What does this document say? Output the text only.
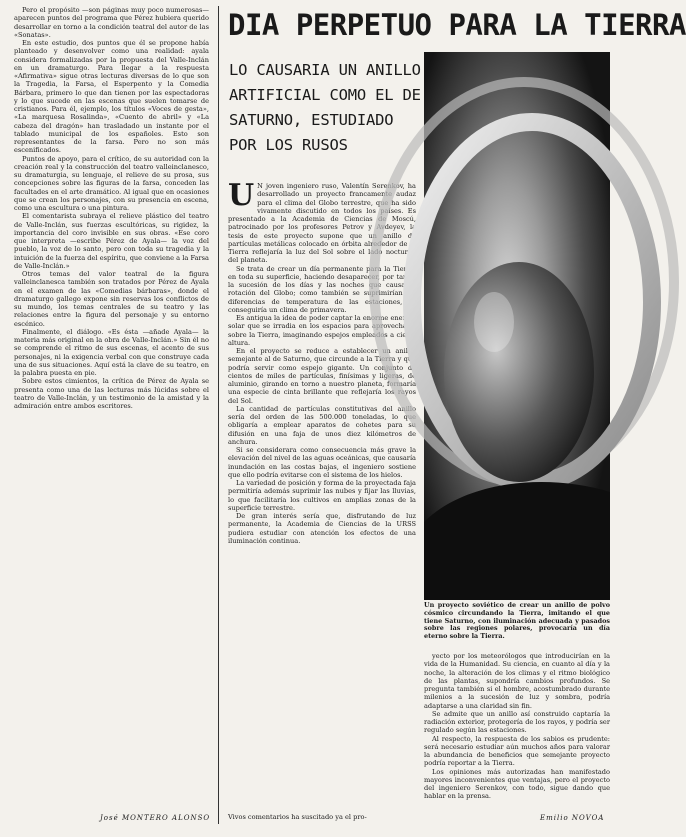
Pero el propósito —son páginas muy poco numerosas— aparecen puntos del programa que Pérez hubiera querido desarrollar en torno a la condición teatral del autor de las «Sonatas».

En este estudio, dos puntos que él se propone había planteado y desenvolver como una realidad: ayala considera formalizadas por la propuesta del Valle-Inclán en un dramaturgo. Para llegar a la respuesta «Afirmativa» sigue otras lecturas diversas de lo que son la Tragedia, la Farsa, el Esperpento y la Comedia Bárbara, primero lo que dan tienen por las espectadoras y lo que sucede en las escenas que suelen tomarse de cristianos. Para él, ejemplo, los títulos «Voces de gesta», «La marquesa Rosalinda», «Cuento de abril» y «La cabeza del dragón» han trasladado un instante por el tablado municipal de los españoles. Esto son representantes de la farsa. Pero no son más escenificados.

Puntos de apoyo, para el crítico, de su autoridad con la creación real y la construcción del teatro valleinclanesco, su dramaturgia, su lenguaje, el relieve de su prosa, sus concepciones sobre las figuras de la farsa, conceden las facultades en el arte dramático. Al igual que en ocasiones que se crean los personajes, con su presencia en escena, como una escultura o una pintura.

El comentarista subraya el relieve plástico del teatro de Valle-Inclán, sus fuerzas escultóricas, su rigidez, la importancia del coro invisible en sus obras. «Ese coro que interpreta —escribe Pérez de Ayala— la voz del pueblo, la voz de lo santo, pero con toda su tragedia y la intuición de la fuerza del espíritu, que conviene a la Farsa de Valle-Inclán.»

Otros temas del valor teatral de la figura valleinclanesca también son tratados por Pérez de Ayala en el examen de las «Comedias bárbaras», donde el dramaturgo gallego expone sin reservas los conflictos de su mundo, los temas centrales de su teatro y las relaciones entre la figura del personaje y su entorno escénico.

Finalmente, el diálogo. «Es ésta —añade Ayala— la materia más original en la obra de Valle-Inclán.» Sin él no se comprende el ritmo de sus escenas, el acento de sus personajes, ni la exigencia verbal con que construye cada una de sus situaciones. Aquí está la clave de su teatro, en la palabra puesta en pie.

Sobre estos cimientos, la crítica de Pérez de Ayala se presenta como una de las lecturas más lúcidas sobre el teatro de Valle-Inclán, y un testimonio de la amistad y la admiración entre ambos escritores.

José MONTERO ALONSO
DIA PERPETUO PARA LA TIERRA
LO CAUSARIA UN ANILLO
ARTIFICIAL COMO EL DE
SATURNO, ESTUDIADO
POR LOS RUSOS

U N joven ingeniero ruso, Valentín Serenkov, ha desarrollado un proyecto francamente audaz para el clima del Globo terrestre, que ha sido vivamente discutido en todos los países. Es presentado a la Academia de Ciencias de Moscú, patrocinado por los profesores Petrov y Avdeyev, la tesis de este proyecto supone que un anillo de partículas metálicas colocado en órbita alrededor de la Tierra reflejaría la luz del Sol sobre el lado nocturno del planeta.

Se trata de crear un día permanente para la Tierra, en toda su superficie, haciendo desaparecer, por tanto, la sucesión de los días y las noches que causa la rotación del Globo; como también se suprimirían las diferencias de temperatura de las estaciones, se conseguiría un clima de primavera.

Es antigua la idea de poder captar la enorme energía solar que se irradia en los espacios para aprovecharla sobre la Tierra, imaginando espejos empleados a cierta altura.

En el proyecto se reduce a establecer un anillo, semejante al de Saturno, que circunde a la Tierra y que podría servir como espejo gigante. Un conjunto de cientos de miles de partículas, finísimas y ligeras, de aluminio, girando en torno a nuestro planeta, formaría una especie de cinta brillante que reflejaría los rayos del Sol.

La cantidad de partículas constitutivas del anillo sería del orden de las 500.000 toneladas, lo que obligaría a emplear aparatos de cohetes para su difusión en una faja de unos diez kilómetros de anchura.

Si se considerara como consecuencia más grave la elevación del nivel de las aguas oceánicas, que causaría inundación en las costas bajas, el ingeniero sostiene que ello podría evitarse con el sistema de los hielos.

La variedad de posición y forma de la proyectada faja permitiría además suprimir las nubes y fijar las lluvias, lo que facilitaría los cultivos en amplias zonas de la superficie terrestre.

De gran interés sería que, disfrutando de luz permanente, la Academia de Ciencias de la URSS pudiera estudiar con atención los efectos de una iluminación continua.

Vivos comentarios ha suscitado ya el pro-
Un proyecto soviético de crear un anillo de polvo cósmico circundando la Tierra, imitando el que tiene Saturno, con iluminación adecuada y pasados sobre las regiones polares, provocaría un día eterno sobre la Tierra.

yecto por los meteorólogos que introducirían en la vida de la Humanidad. Su ciencia, en cuanto al día y la noche, la alteración de los climas y el ritmo biológico de las plantas, supondría cambios profundos. Se pregunta también si el hombre, acostumbrado durante milenios a la sucesión de luz y sombra, podría adaptarse a una claridad sin fin.

Se admite que un anillo así construido captaría la radiación exterior, protegería de los rayos, y podría ser regulado según las estaciones.

Al respecto, la respuesta de los sabios es prudente: será necesario estudiar aún muchos años para valorar la abundancia de beneficios que semejante proyecto podría reportar a la Tierra.

Los opiniones más autorizadas han manifestado mayores inconvenientes que ventajas, pero el proyecto del ingeniero Serenkov, con todo, sigue dando que hablar en la prensa.

Emilio NOVOA
